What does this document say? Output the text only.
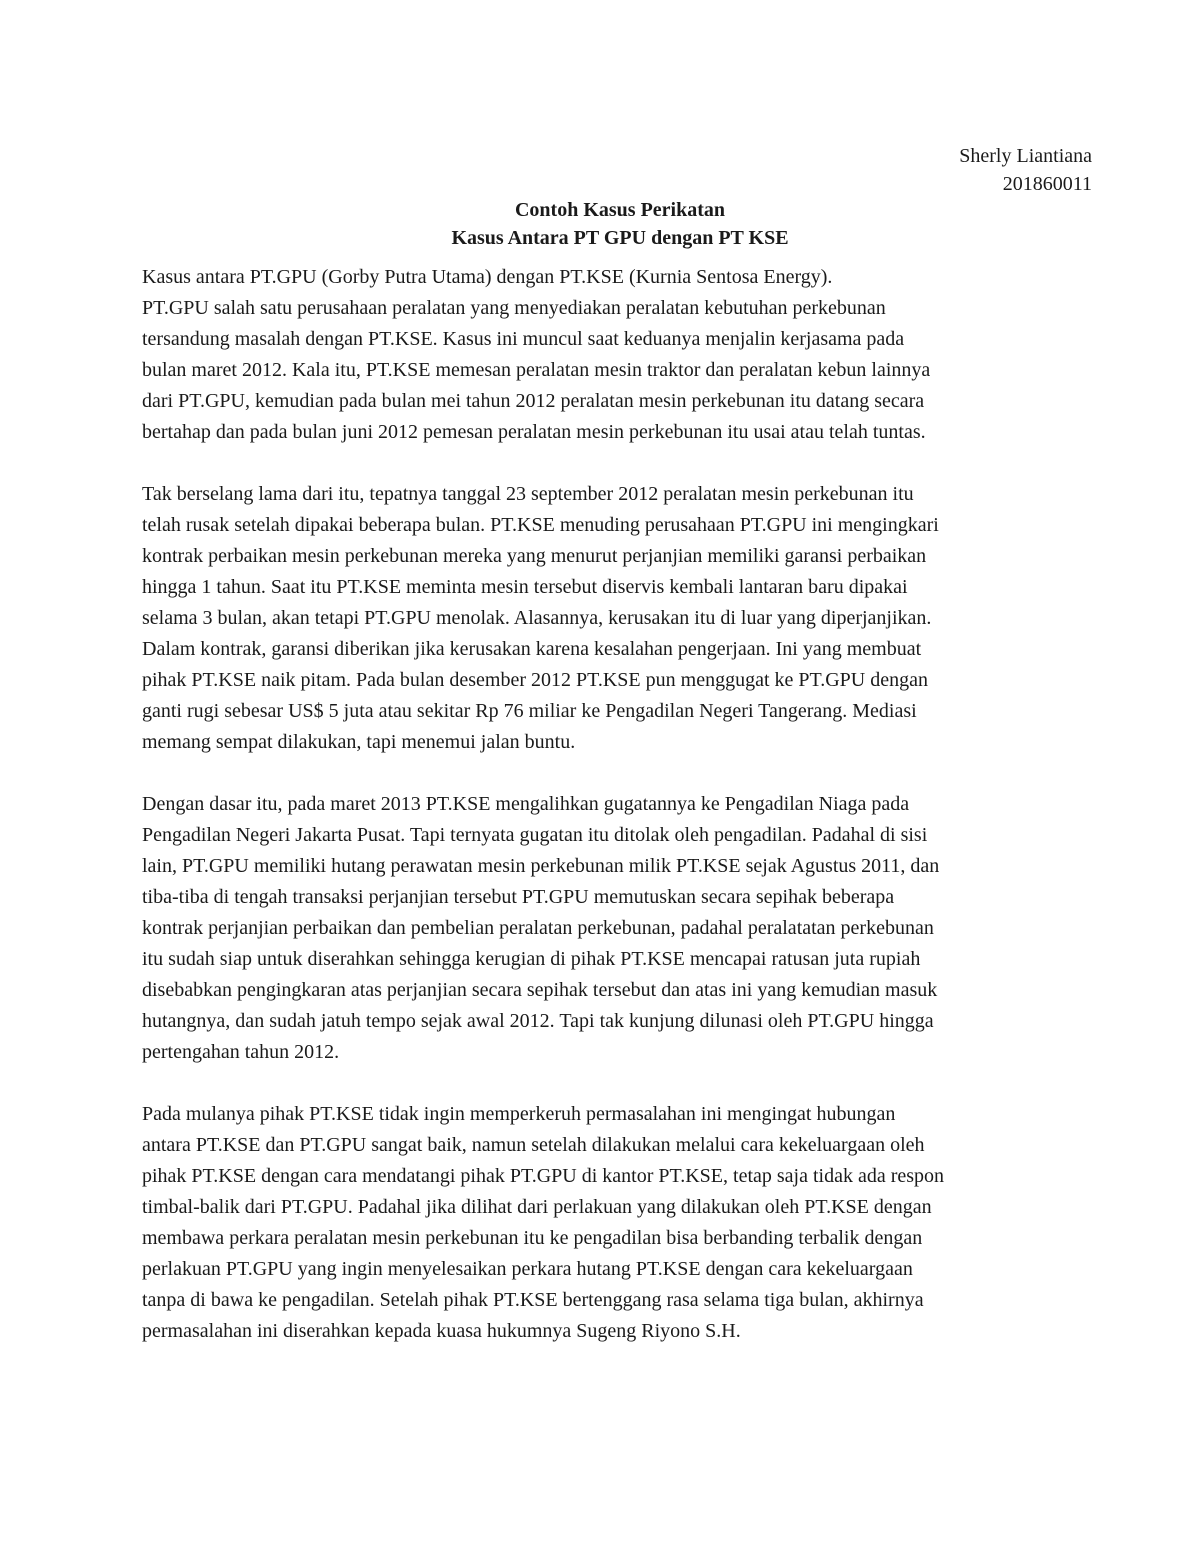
Sherly Liantiana
201860011
Contoh Kasus Perikatan
Kasus Antara PT GPU dengan PT KSE
Kasus antara PT.GPU (Gorby Putra Utama) dengan PT.KSE (Kurnia Sentosa Energy).
PT.GPU salah satu perusahaan peralatan yang menyediakan peralatan kebutuhan perkebunan
tersandung masalah dengan PT.KSE. Kasus ini muncul saat keduanya menjalin kerjasama pada
bulan maret 2012. Kala itu, PT.KSE memesan peralatan mesin traktor dan peralatan kebun lainnya
dari PT.GPU, kemudian pada bulan mei tahun 2012 peralatan mesin perkebunan itu datang secara
bertahap dan pada bulan juni 2012 pemesan peralatan mesin perkebunan itu usai atau telah tuntas.
Tak berselang lama dari itu, tepatnya tanggal 23 september 2012 peralatan mesin perkebunan itu
telah rusak setelah dipakai beberapa bulan. PT.KSE menuding perusahaan PT.GPU ini mengingkari
kontrak perbaikan mesin perkebunan mereka yang menurut perjanjian memiliki garansi perbaikan
hingga 1 tahun. Saat itu PT.KSE meminta mesin tersebut diservis kembali lantaran baru dipakai
selama 3 bulan, akan tetapi PT.GPU menolak. Alasannya, kerusakan itu di luar yang diperjanjikan.
Dalam kontrak, garansi diberikan jika kerusakan karena kesalahan pengerjaan. Ini yang membuat
pihak PT.KSE naik pitam. Pada bulan desember 2012 PT.KSE pun menggugat ke PT.GPU dengan
ganti rugi sebesar US$ 5 juta atau sekitar Rp 76 miliar ke Pengadilan Negeri Tangerang. Mediasi
memang sempat dilakukan, tapi menemui jalan buntu.
Dengan dasar itu, pada maret 2013 PT.KSE mengalihkan gugatannya ke Pengadilan Niaga pada
Pengadilan Negeri Jakarta Pusat. Tapi ternyata gugatan itu ditolak oleh pengadilan. Padahal di sisi
lain, PT.GPU memiliki hutang perawatan mesin perkebunan milik PT.KSE sejak Agustus 2011, dan
tiba-tiba di tengah transaksi perjanjian tersebut PT.GPU memutuskan secara sepihak beberapa
kontrak perjanjian perbaikan dan pembelian peralatan perkebunan, padahal peralatatan perkebunan
itu sudah siap untuk diserahkan sehingga kerugian di pihak PT.KSE mencapai ratusan juta rupiah
disebabkan pengingkaran atas perjanjian secara sepihak tersebut dan atas ini yang kemudian masuk
hutangnya, dan sudah jatuh tempo sejak awal 2012. Tapi tak kunjung dilunasi oleh PT.GPU hingga
pertengahan tahun 2012.
Pada mulanya pihak PT.KSE tidak ingin memperkeruh permasalahan ini mengingat hubungan
antara PT.KSE dan PT.GPU sangat baik, namun setelah dilakukan melalui cara kekeluargaan oleh
pihak PT.KSE dengan cara mendatangi pihak PT.GPU di kantor PT.KSE, tetap saja tidak ada respon
timbal-balik dari PT.GPU. Padahal jika dilihat dari perlakuan yang dilakukan oleh PT.KSE dengan
membawa perkara peralatan mesin perkebunan itu ke pengadilan bisa berbanding terbalik dengan
perlakuan PT.GPU yang ingin menyelesaikan perkara hutang PT.KSE dengan cara kekeluargaan
tanpa di bawa ke pengadilan. Setelah pihak PT.KSE bertenggang rasa selama tiga bulan, akhirnya
permasalahan ini diserahkan kepada kuasa hukumnya Sugeng Riyono S.H.
